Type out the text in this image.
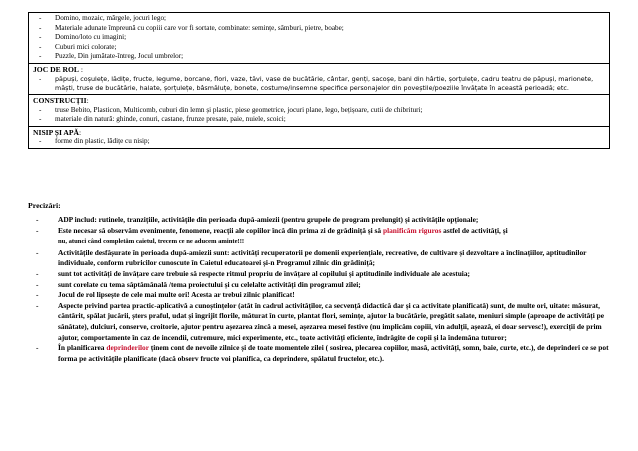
- Domino, mozaic, mărgele, jocuri lego;
- Materiale adunate împreună cu copiii care vor fi sortate, combinate: semințe, sâmburi, pietre, boabe;
- Domino/loto cu imagini;
- Cuburi mici colorate;
- Puzzle, Din jumătate-întreg, Jocul umbrelor;

JOC DE ROL :
- păpuși, coșulețe, lădițe, fructe, legume, borcane, flori, vaze, tăvi, vase de bucătărie, cântar, genți, sacoșe, bani din hârtie, șorțulețe, cadru teatru de păpuși, marionete, măști, truse de bucătărie, halate, șorțulețe, bâsmăluțe, bonete, costume/insemne specifice personajelor din poveștile/poeziile învățate în această perioadă; etc.

CONSTRUCȚII:
- truse Bebito, Plasticon, Multicomb, cuburi din lemn și plastic, piese geometrice, jocuri plane, lego, bețișoare, cutii de chibrituri;
- materiale din natură: ghinde, conuri, castane, frunze presate, paie, nuiele, scoici;

NISIP ȘI APĂ:
- forme din plastic, lădițe cu nisip;
Precizări:
-	ADP includ: rutinele, tranzițiile, activitățile din perioada după-amiezii (pentru grupele de program prelungit) și activitățile opționale;
-	Este necesar să observăm evenimente, fenomene, reacții ale copiilor încă din prima zi de grădiniță și să planificăm riguros astfel de activități, și
nu, atunci când completăm caietul, trecem ce ne aducem aminte!!!
-	Activitățile desfășurate în perioada după-amiezii sunt: activități recuperatorii pe domenii experiențiale, recreative, de cultivare și dezvoltare a înclinațiilor, aptitudinilor individuale, conform rubricilor cunoscute în Caietul educatoarei și-n Programul zilnic din grădiniță;
-	sunt tot activități de învățare care trebuie să respecte ritmul propriu de învățare al copilului și aptitudinile individuale ale acestuia;
-	sunt corelate cu tema săptămânală /tema proiectului și cu celelalte activități din programul zilei;
-	Jocul de rol lipsește de cele mai multe ori! Acesta ar trebui zilnic planificat!
-	Aspecte privind partea practic-aplicativă a cunoștințelor (atât în cadrul activităților, ca secvență didactică dar și ca activitate planificată) sunt, de multe ori, uitate: măsurat, cântărit, spălat jucării, șters praful, udat și îngrijit florile, măturat în curte, plantat flori, semințe, ajutor la bucătărie, pregătit salate, meniuri simple (aproape de activități pe sănătate), dulciuri, conserve, croitorie, ajutor pentru așezarea zincă a mesei, așezarea mesei festive (nu implicăm copiii, vin adulții, așează, ei doar servesc!), exerciții de prim ajutor, comportamente în caz de incendii, cutremure, mici experimente, etc., toate activități eficiente, îndrăgite de copii și la îndemâna tuturor;
-	În planificarea deprinderilor ținem cont de nevoile zilnice și de toate momentele zilei ( sosirea, plecarea copiilor, masă, activități, somn, baie, curte, etc.), de deprinderi ce se pot forma pe activitățile planificate (dacă observ fructe voi planifica, ca deprindere, spălatul fructelor, etc.).
